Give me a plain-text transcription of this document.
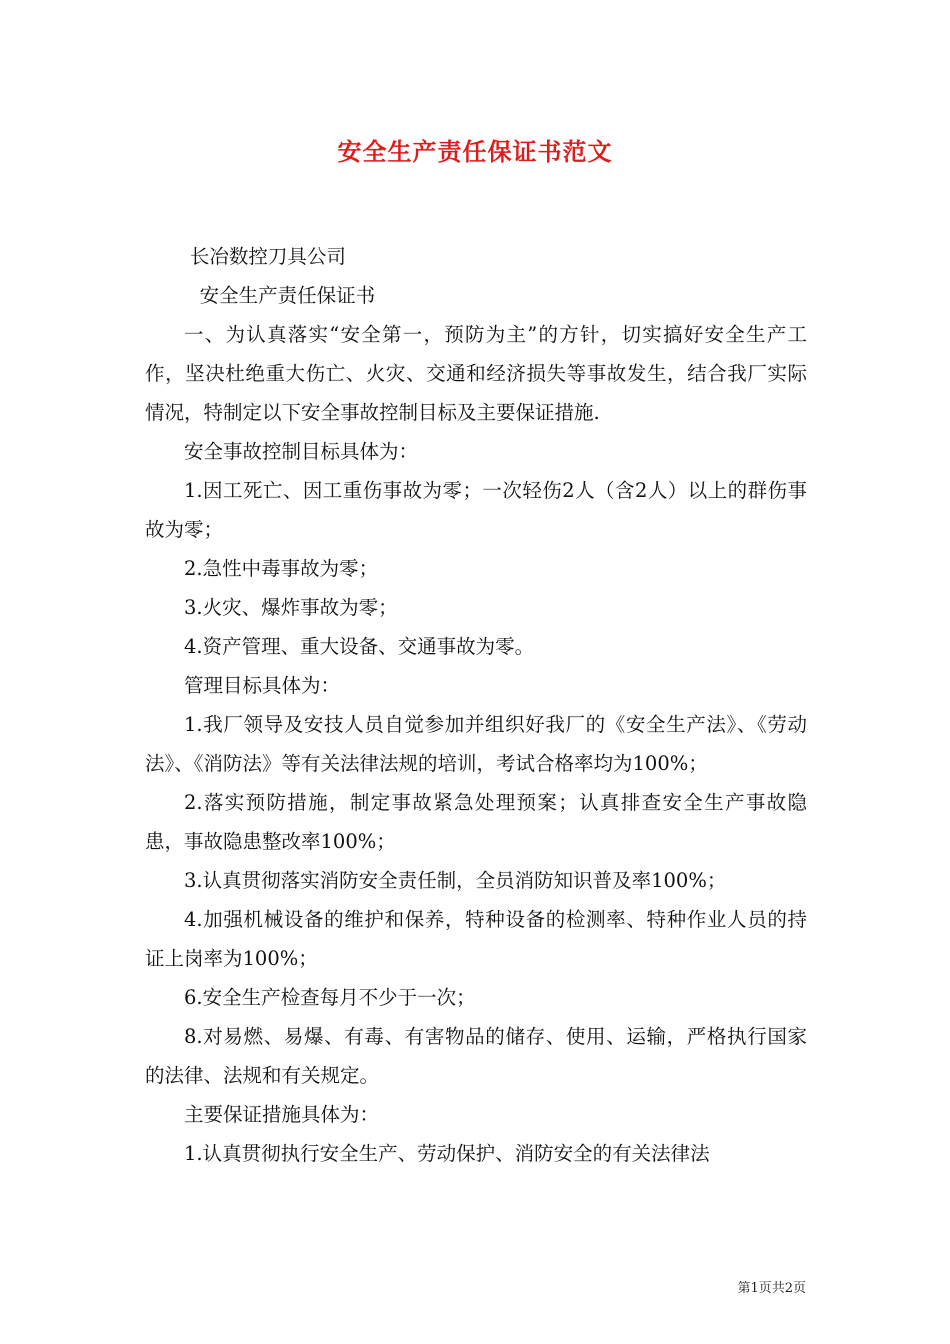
安全生产责任保证书范文

长冶数控刀具公司

安全生产责任保证书

一、为认真落实“安全第一，预防为主”的方针，切实搞好安全生产工作，坚决杜绝重大伤亡、火灾、交通和经济损失等事故发生，结合我厂实际情况，特制定以下安全事故控制目标及主要保证措施.

安全事故控制目标具体为：

1.因工死亡、因工重伤事故为零；一次轻伤2人（含2人）以上的群伤事故为零；

2.急性中毒事故为零；

3.火灾、爆炸事故为零；

4.资产管理、重大设备、交通事故为零。

管理目标具体为：

1.我厂领导及安技人员自觉参加并组织好我厂的《安全生产法》、《劳动法》、《消防法》等有关法律法规的培训，考试合格率均为100%；

2.落实预防措施，制定事故紧急处理预案；认真排查安全生产事故隐患，事故隐患整改率100%；

3.认真贯彻落实消防安全责任制，全员消防知识普及率100%；

4.加强机械设备的维护和保养，特种设备的检测率、特种作业人员的持证上岗率为100%；

6.安全生产检查每月不少于一次；

8.对易燃、易爆、有毒、有害物品的储存、使用、运输，严格执行国家的法律、法规和有关规定。

主要保证措施具体为：

1.认真贯彻执行安全生产、劳动保护、消防安全的有关法律法

第1页共2页
